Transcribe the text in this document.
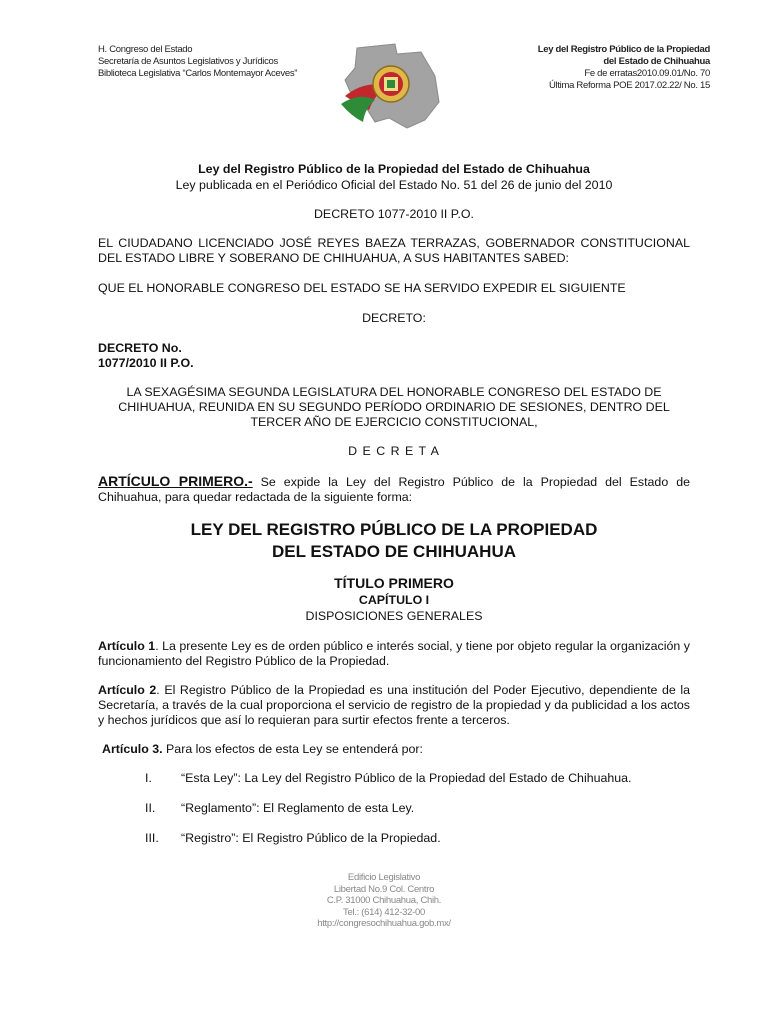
H. Congreso del Estado
Secretaría de Asuntos Legislativos y Jurídicos
Biblioteca Legislativa “Carlos Montemayor Aceves”
Ley del Registro Público de la Propiedad
del Estado de Chihuahua
Fe de erratas2010.09.01/No. 70
Última Reforma POE 2017.02.22/ No. 15
Ley del Registro Público de la Propiedad del Estado de Chihuahua
Ley publicada en el Periódico Oficial del Estado No. 51 del 26 de junio del 2010
DECRETO 1077-2010 II P.O.
EL CIUDADANO LICENCIADO JOSÉ REYES BAEZA TERRAZAS, GOBERNADOR CONSTITUCIONAL DEL ESTADO LIBRE Y SOBERANO DE CHIHUAHUA, A SUS HABITANTES SABED:
QUE EL HONORABLE CONGRESO DEL ESTADO SE HA SERVIDO EXPEDIR EL SIGUIENTE
DECRETO:
DECRETO No.
1077/2010 II P.O.
LA SEXAGÉSIMA SEGUNDA LEGISLATURA DEL HONORABLE CONGRESO DEL ESTADO DE CHIHUAHUA, REUNIDA EN SU SEGUNDO PERÍODO ORDINARIO DE SESIONES, DENTRO DEL TERCER AÑO DE EJERCICIO CONSTITUCIONAL,
D E C R E T A
ARTÍCULO PRIMERO.- Se expide la Ley del Registro Público de la Propiedad del Estado de Chihuahua, para quedar redactada de la siguiente forma:
LEY DEL REGISTRO PÚBLICO DE LA PROPIEDAD
DEL ESTADO DE CHIHUAHUA
TÍTULO PRIMERO
CAPÍTULO I
DISPOSICIONES GENERALES
Artículo 1. La presente Ley es de orden público e interés social, y tiene por objeto regular la organización y funcionamiento del Registro Público de la Propiedad.
Artículo 2. El Registro Público de la Propiedad es una institución del Poder Ejecutivo, dependiente de la Secretaría, a través de la cual proporciona el servicio de registro de la propiedad y da publicidad a los actos y hechos jurídicos que así lo requieran para surtir efectos frente a terceros.
Artículo 3. Para los efectos de esta Ley se entenderá por:
I. “Esta Ley”: La Ley del Registro Público de la Propiedad del Estado de Chihuahua.
II. “Reglamento”: El Reglamento de esta Ley.
III. “Registro”: El Registro Público de la Propiedad.
Edificio Legislativo
Libertad No.9 Col. Centro
C.P. 31000 Chihuahua, Chih.
Tel.: (614) 412-32-00
http://congresochihuahua.gob.mx/
